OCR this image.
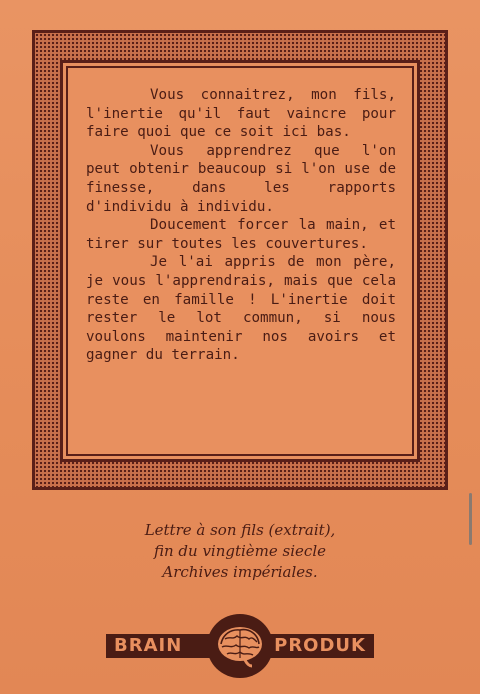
Vous connaitrez, mon fils, l'inertie qu'il faut vaincre pour faire quoi que ce soit ici bas.

Vous apprendrez que l'on peut obtenir beaucoup si l'on use de finesse, dans les rapports d'individu à individu.

Doucement forcer la main, et tirer sur toutes les couvertures.

Je l'ai appris de mon père, je vous l'apprendrais, mais que cela reste en famille ! L'inertie doit rester le lot commun, si nous voulons maintenir nos avoirs et gagner du terrain.

Lettre à son fils (extrait),
fin du vingtième siecle
Archives impériales.
BRAIN	PRODUK
